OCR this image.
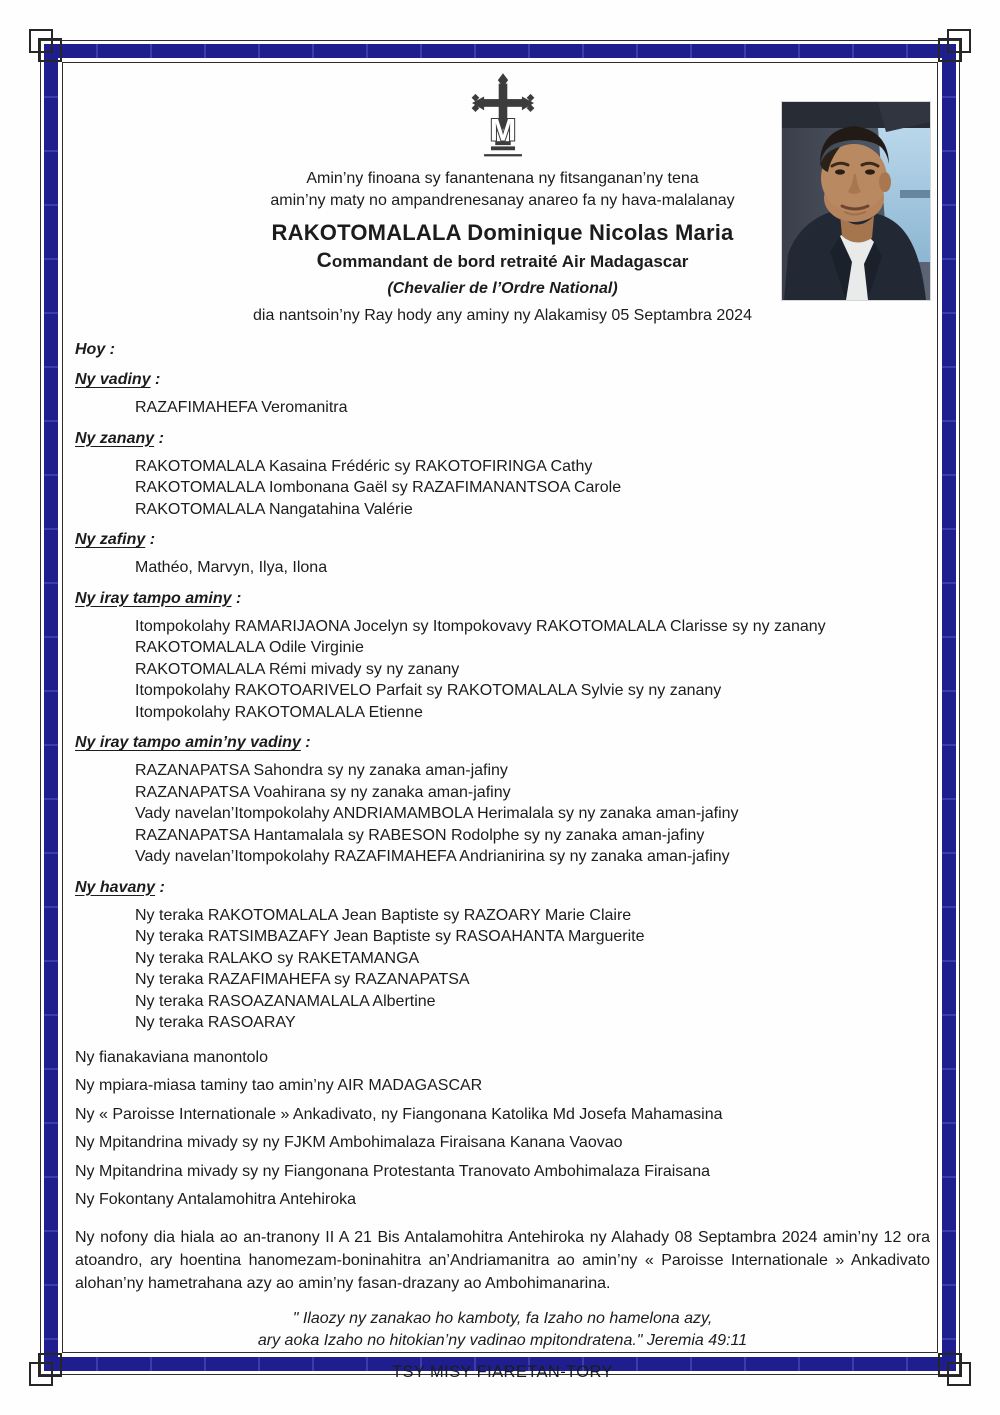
M
Amin’ny finoana sy fanantenana ny fitsanganan’ny tena
amin’ny maty no ampandrenesanay anareo fa ny hava-malalanay
RAKOTOMALALA Dominique Nicolas Maria
Commandant de bord retraité Air Madagascar
(Chevalier de l’Ordre National)
dia nantsoin’ny Ray hody any aminy ny Alakamisy 05 Septambra 2024
Hoy :
Ny vadiny :
RAZAFIMAHEFA Veromanitra
Ny zanany :
RAKOTOMALALA Kasaina Frédéric sy RAKOTOFIRINGA Cathy
RAKOTOMALALA Iombonana Gaël sy RAZAFIMANANTSOA Carole
RAKOTOMALALA Nangatahina Valérie
Ny zafiny :
Mathéo, Marvyn, Ilya, Ilona
Ny iray tampo aminy :
Itompokolahy RAMARIJAONA Jocelyn sy Itompokovavy RAKOTOMALALA Clarisse sy ny zanany
RAKOTOMALALA Odile Virginie
RAKOTOMALALA Rémi mivady sy ny zanany
Itompokolahy RAKOTOARIVELO Parfait sy RAKOTOMALALA Sylvie sy ny zanany
Itompokolahy RAKOTOMALALA Etienne
Ny iray tampo amin’ny vadiny :
RAZANAPATSA Sahondra sy ny zanaka aman-jafiny
RAZANAPATSA Voahirana sy ny zanaka aman-jafiny
Vady navelan’Itompokolahy ANDRIAMAMBOLA Herimalala sy ny zanaka aman-jafiny
RAZANAPATSA Hantamalala sy RABESON Rodolphe sy ny zanaka aman-jafiny
Vady navelan’Itompokolahy RAZAFIMAHEFA Andrianirina sy ny zanaka aman-jafiny
Ny havany :
Ny teraka RAKOTOMALALA Jean Baptiste sy RAZOARY Marie Claire
Ny teraka RATSIMBAZAFY Jean Baptiste sy RASOAHANTA Marguerite
Ny teraka RALAKO sy RAKETAMANGA
Ny teraka RAZAFIMAHEFA sy RAZANAPATSA
Ny teraka RASOAZANAMALALA Albertine
Ny teraka RASOARAY
Ny fianakaviana manontolo
Ny mpiara-miasa taminy tao amin’ny AIR MADAGASCAR
Ny « Paroisse Internationale » Ankadivato, ny Fiangonana Katolika Md Josefa Mahamasina
Ny Mpitandrina mivady sy ny FJKM Ambohimalaza Firaisana Kanana Vaovao
Ny Mpitandrina mivady sy ny Fiangonana Protestanta Tranovato Ambohimalaza Firaisana
Ny Fokontany Antalamohitra Antehiroka
Ny nofony dia hiala ao an-tranony II A 21 Bis Antalamohitra Antehiroka ny Alahady 08 Septambra 2024 amin’ny 12 ora atoandro, ary hoentina hanomezam-boninahitra an’Andriamanitra ao amin’ny « Paroisse Internationale » Ankadivato alohan’ny hametrahana azy ao amin’ny fasan-drazany ao Ambohimanarina.
" Ilaozy ny zanakao ho kamboty, fa Izaho no hamelona azy,
ary aoka Izaho no hitokian’ny vadinao mpitondratena." Jeremia 49:11
TSY MISY FIARETAN-TORY
